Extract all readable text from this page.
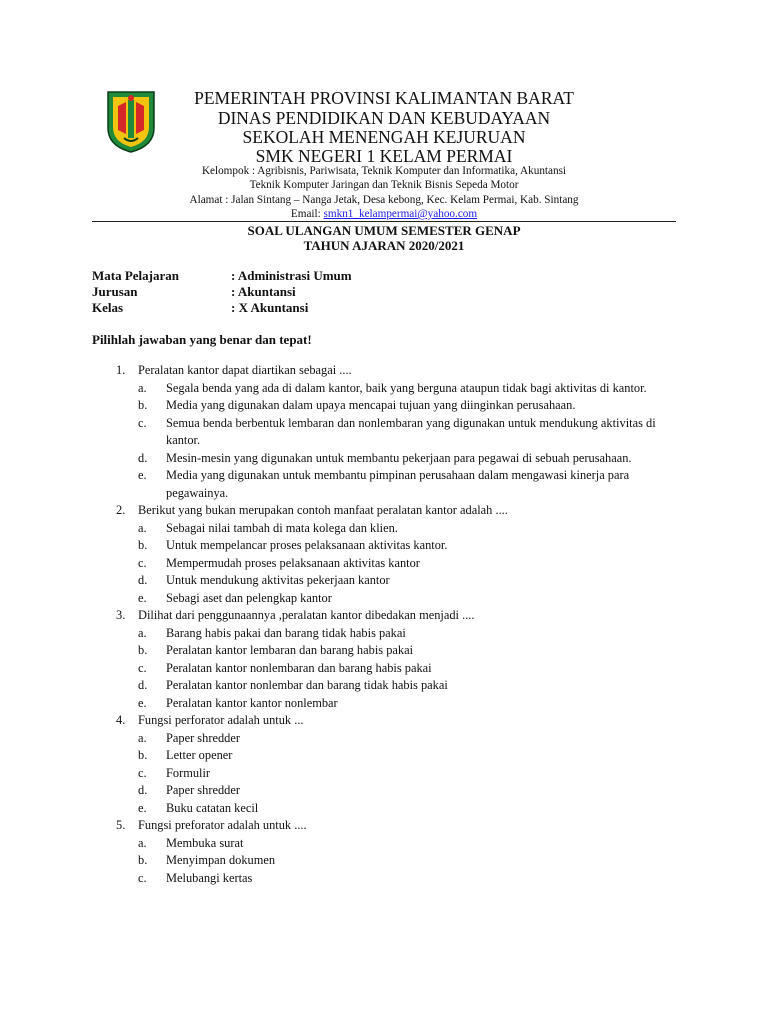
PEMERINTAH PROVINSI KALIMANTAN BARAT
DINAS PENDIDIKAN DAN KEBUDAYAAN
SEKOLAH MENENGAH KEJURUAN
SMK NEGERI 1 KELAM PERMAI
Kelompok : Agribisnis, Pariwisata, Teknik Komputer dan Informatika, Akuntansi
Teknik Komputer Jaringan dan Teknik Bisnis Sepeda Motor
Alamat : Jalan Sintang – Nanga Jetak, Desa kebong, Kec. Kelam Permai, Kab. Sintang
Email: smkn1_kelampermai@yahoo.com
SOAL ULANGAN UMUM SEMESTER GENAP
TAHUN AJARAN 2020/2021
Mata Pelajaran	: Administrasi Umum
Jurusan	: Akuntansi
Kelas	: X Akuntansi
Pilihlah jawaban yang benar dan tepat!
1. Peralatan kantor dapat diartikan sebagai ....
a. Segala benda yang ada di dalam kantor, baik yang berguna ataupun tidak bagi aktivitas di kantor.
b. Media yang digunakan dalam upaya mencapai tujuan yang diinginkan perusahaan.
c. Semua benda berbentuk lembaran dan nonlembaran yang digunakan untuk mendukung aktivitas di kantor.
d. Mesin-mesin yang digunakan untuk membantu pekerjaan para pegawai di sebuah perusahaan.
e. Media yang digunakan untuk membantu pimpinan perusahaan dalam mengawasi kinerja para pegawainya.
2. Berikut yang bukan merupakan contoh manfaat peralatan kantor adalah ....
a. Sebagai nilai tambah di mata kolega dan klien.
b. Untuk mempelancar proses pelaksanaan aktivitas kantor.
c. Mempermudah proses pelaksanaan aktivitas kantor
d. Untuk mendukung aktivitas pekerjaan kantor
e. Sebagi aset dan pelengkap kantor
3. Dilihat dari penggunaannya ,peralatan kantor dibedakan menjadi ....
a. Barang habis pakai dan barang tidak habis pakai
b. Peralatan kantor lembaran dan barang habis pakai
c. Peralatan kantor nonlembaran dan barang habis pakai
d. Peralatan kantor nonlembar dan barang tidak habis pakai
e. Peralatan kantor kantor nonlembar
4. Fungsi perforator adalah untuk ...
a. Paper shredder
b. Letter opener
c. Formulir
d. Paper shredder
e. Buku catatan kecil
5. Fungsi preforator adalah untuk ....
a. Membuka surat
b. Menyimpan dokumen
c. Melubangi kertas
